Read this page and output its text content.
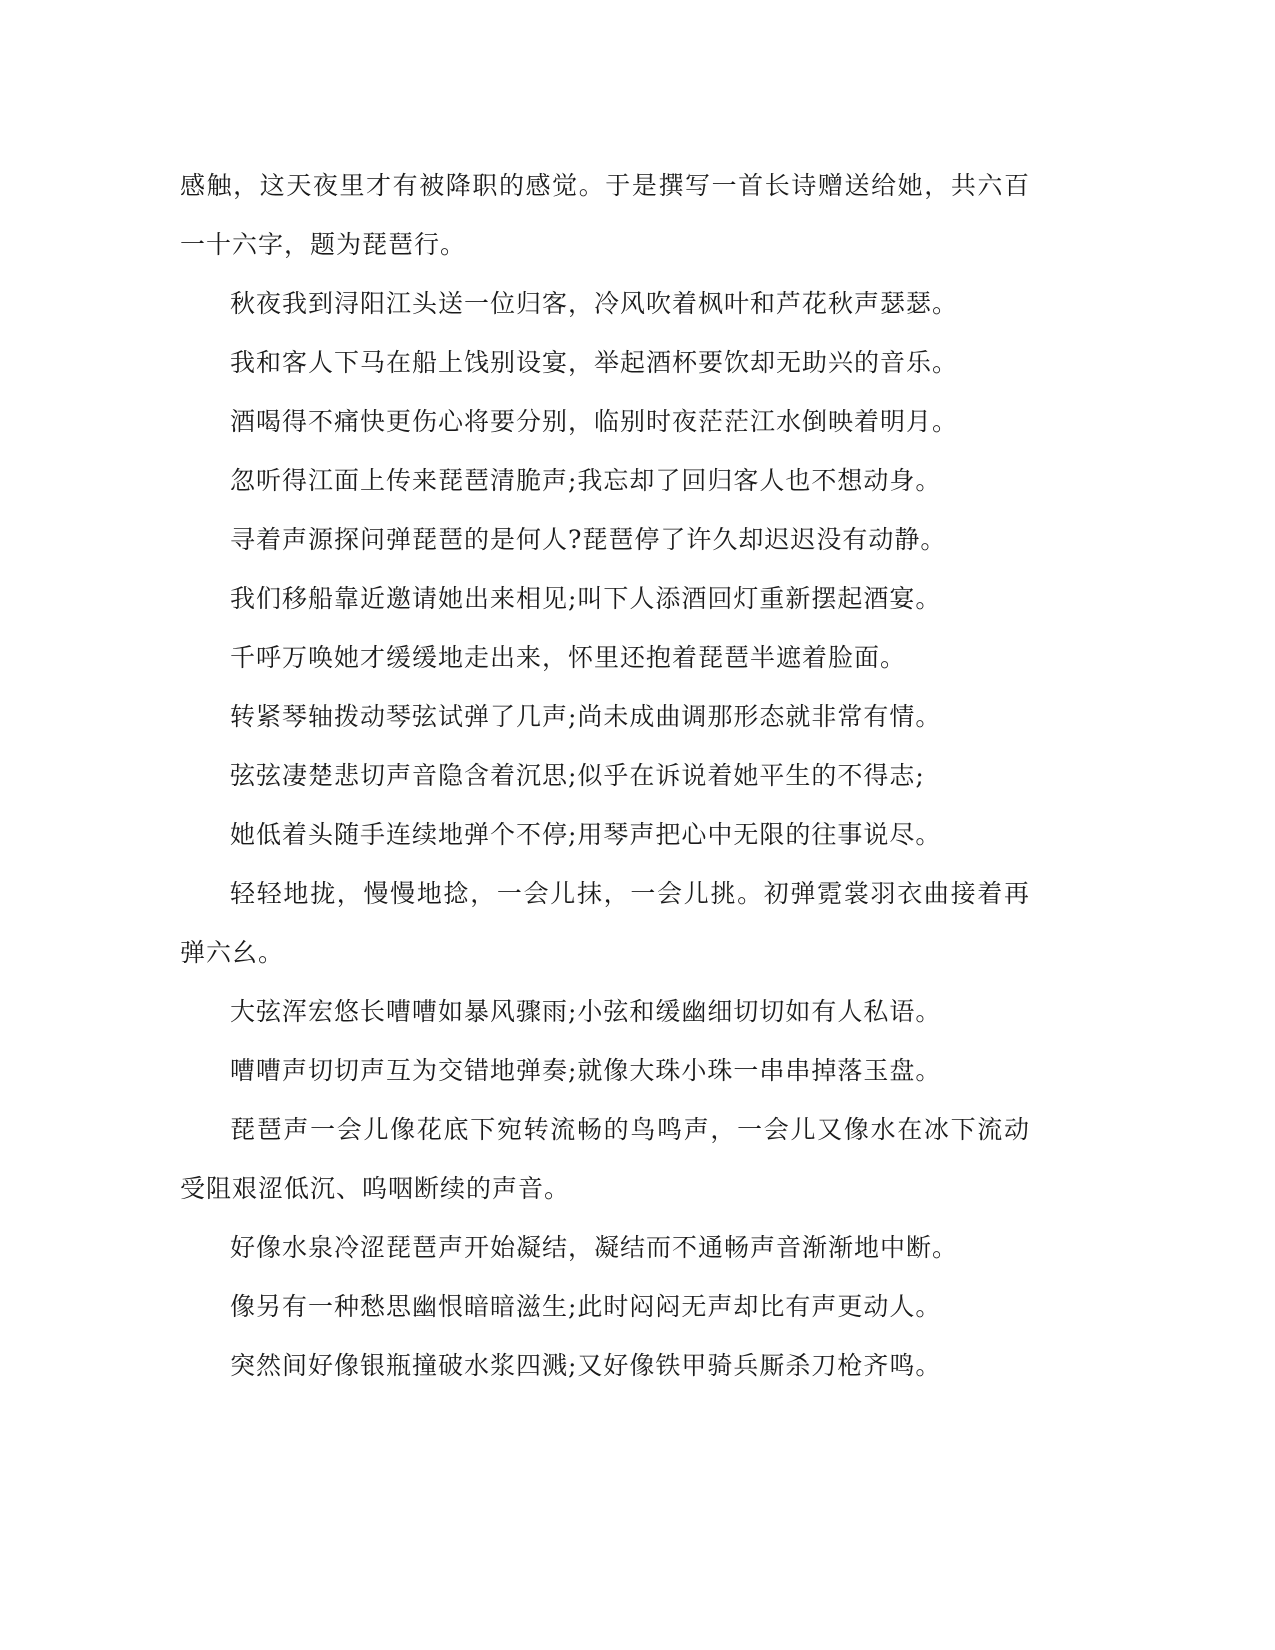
感触，这天夜里才有被降职的感觉。于是撰写一首长诗赠送给她，共六百一十六字，题为琵琶行。

秋夜我到浔阳江头送一位归客，冷风吹着枫叶和芦花秋声瑟瑟。

我和客人下马在船上饯别设宴，举起酒杯要饮却无助兴的音乐。

酒喝得不痛快更伤心将要分别，临别时夜茫茫江水倒映着明月。

忽听得江面上传来琵琶清脆声;我忘却了回归客人也不想动身。

寻着声源探问弹琵琶的是何人?琵琶停了许久却迟迟没有动静。

我们移船靠近邀请她出来相见;叫下人添酒回灯重新摆起酒宴。

千呼万唤她才缓缓地走出来，怀里还抱着琵琶半遮着脸面。

转紧琴轴拨动琴弦试弹了几声;尚未成曲调那形态就非常有情。

弦弦凄楚悲切声音隐含着沉思;似乎在诉说着她平生的不得志;

她低着头随手连续地弹个不停;用琴声把心中无限的往事说尽。

轻轻地拢，慢慢地捻，一会儿抹，一会儿挑。初弹霓裳羽衣曲接着再弹六幺。

大弦浑宏悠长嘈嘈如暴风骤雨;小弦和缓幽细切切如有人私语。

嘈嘈声切切声互为交错地弹奏;就像大珠小珠一串串掉落玉盘。

琵琶声一会儿像花底下宛转流畅的鸟鸣声，一会儿又像水在冰下流动受阻艰涩低沉、呜咽断续的声音。

好像水泉冷涩琵琶声开始凝结，凝结而不通畅声音渐渐地中断。

像另有一种愁思幽恨暗暗滋生;此时闷闷无声却比有声更动人。

突然间好像银瓶撞破水浆四溅;又好像铁甲骑兵厮杀刀枪齐鸣。
